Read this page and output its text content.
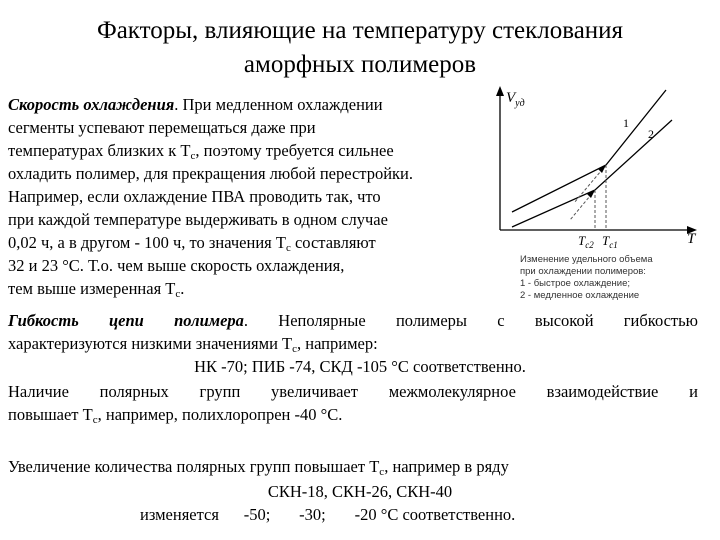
Факторы, влияющие на температуру стеклования
аморфных полимеров
Скорость охлаждения. При медленном охлаждении
сегменты успевают перемещаться даже при
температурах близких к $T_c$, поэтому требуется сильнее
охладить полимер, для прекращения любой перестройки.
Например, если охлаждение ПВА проводить так, что
при каждой температуре выдерживать в одном случае
0,02 ч, а в другом - 100 ч, то значения $T_c$ составляют
32 и 23 °C. Т.о. чем выше скорость охлаждения,
тем выше измеренная $T_c$.
Гибкость цепи полимера. Неполярные полимеры с высокой гибкостью
характеризуются низкими значениями $T_c$, например:
НК -70; ПИБ -74, СКД -105 °C соответственно.
Наличие полярных групп увеличивает межмолекулярное взаимодействие и
повышает $T_c$, например, полихлоропрен -40 °C.
Увеличение количества полярных групп повышает $T_c$, например в ряду
СКН-18, СКН-26, СКН-40
изменяется      -50;       -30;       -20 °C соответственно.
$V_{уд}$
T
1
2
$T_{c2}$ $T_{c1}$
Изменение удельного объема
при охлаждении полимеров:
1 - быстрое охлаждение;
2 - медленное охлаждение
